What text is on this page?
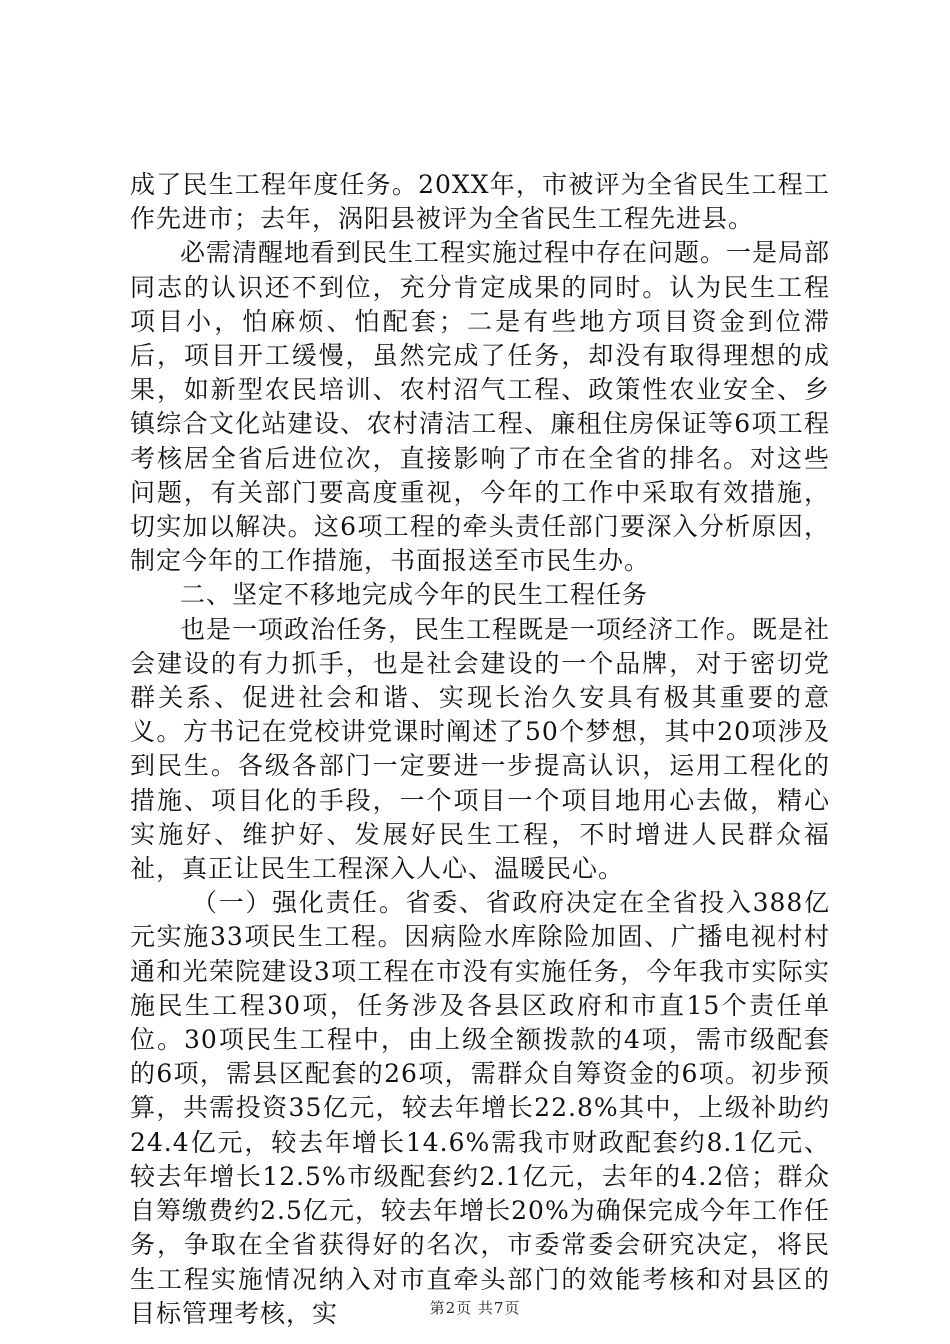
成了民生工程年度任务。20XX年，市被评为全省民生工程工作先进市；去年，涡阳县被评为全省民生工程先进县。

必需清醒地看到民生工程实施过程中存在问题。一是局部同志的认识还不到位，充分肯定成果的同时。认为民生工程项目小，怕麻烦、怕配套；二是有些地方项目资金到位滞后，项目开工缓慢，虽然完成了任务，却没有取得理想的成果，如新型农民培训、农村沼气工程、政策性农业安全、乡镇综合文化站建设、农村清洁工程、廉租住房保证等6项工程考核居全省后进位次，直接影响了市在全省的排名。对这些问题，有关部门要高度重视，今年的工作中采取有效措施，切实加以解决。这6项工程的牵头责任部门要深入分析原因，制定今年的工作措施，书面报送至市民生办。

二、坚定不移地完成今年的民生工程任务

也是一项政治任务，民生工程既是一项经济工作。既是社会建设的有力抓手，也是社会建设的一个品牌，对于密切党群关系、促进社会和谐、实现长治久安具有极其重要的意义。方书记在党校讲党课时阐述了50个梦想，其中20项涉及到民生。各级各部门一定要进一步提高认识，运用工程化的措施、项目化的手段，一个项目一个项目地用心去做，精心实施好、维护好、发展好民生工程，不时增进人民群众福祉，真正让民生工程深入人心、温暖民心。

（一）强化责任。省委、省政府决定在全省投入388亿元实施33项民生工程。因病险水库除险加固、广播电视村村通和光荣院建设3项工程在市没有实施任务，今年我市实际实施民生工程30项，任务涉及各县区政府和市直15个责任单位。30项民生工程中，由上级全额拨款的4项，需市级配套的6项，需县区配套的26项，需群众自筹资金的6项。初步预算，共需投资35亿元，较去年增长22.8%其中，上级补助约24.4亿元，较去年增长14.6%需我市财政配套约8.1亿元、较去年增长12.5%市级配套约2.1亿元，去年的4.2倍；群众自筹缴费约2.5亿元，较去年增长20%为确保完成今年工作任务，争取在全省获得好的名次，市委常委会研究决定，将民生工程实施情况纳入对市直牵头部门的效能考核和对县区的目标管理考核，实	第2页 共7页
